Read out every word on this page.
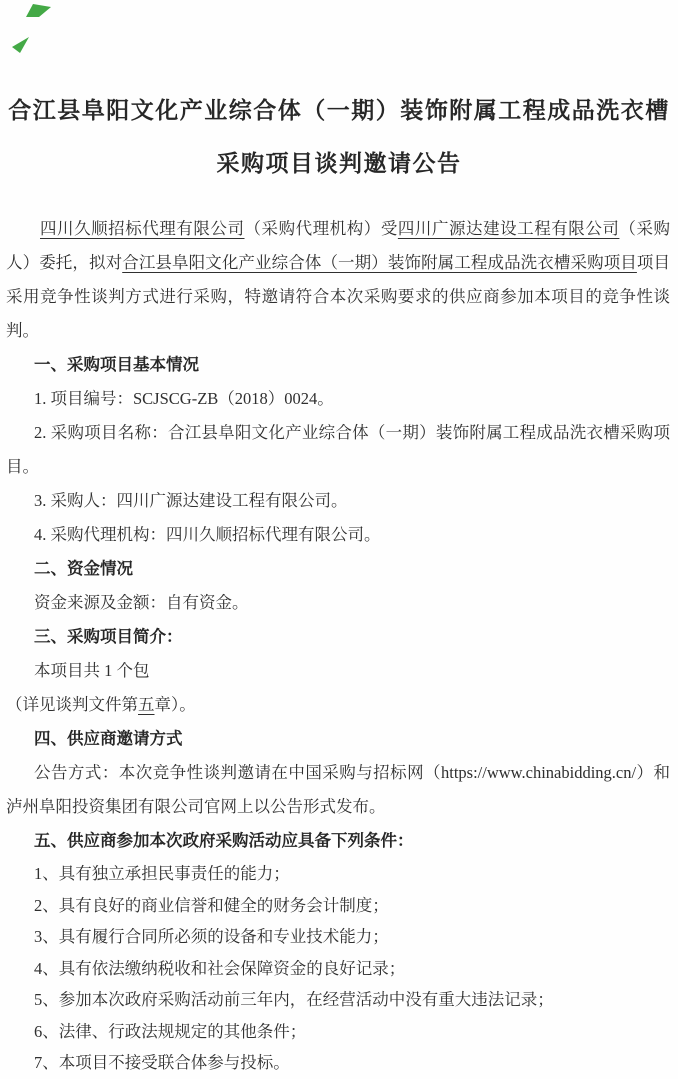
合江县阜阳文化产业综合体（一期）装饰附属工程成品洗衣槽
采购项目谈判邀请公告

四川久顺招标代理有限公司（采购代理机构）受四川广源达建设工程有限公司（采购人）委托，拟对合江县阜阳文化产业综合体（一期）装饰附属工程成品洗衣槽采购项目项目采用竞争性谈判方式进行采购，特邀请符合本次采购要求的供应商参加本项目的竞争性谈判。

一、采购项目基本情况

1. 项目编号：SCJSCG-ZB（2018）0024。

2. 采购项目名称：合江县阜阳文化产业综合体（一期）装饰附属工程成品洗衣槽采购项目。

3. 采购人：四川广源达建设工程有限公司。

4. 采购代理机构：四川久顺招标代理有限公司。

二、资金情况

资金来源及金额：自有资金。

三、采购项目简介：

本项目共 1 个包

（详见谈判文件第五章）。

四、供应商邀请方式

公告方式：本次竞争性谈判邀请在中国采购与招标网（https://www.chinabidding.cn/）和泸州阜阳投资集团有限公司官网上以公告形式发布。

五、供应商参加本次政府采购活动应具备下列条件：

1、具有独立承担民事责任的能力；

2、具有良好的商业信誉和健全的财务会计制度；

3、具有履行合同所必须的设备和专业技术能力；

4、具有依法缴纳税收和社会保障资金的良好记录；

5、参加本次政府采购活动前三年内，在经营活动中没有重大违法记录；

6、法律、行政法规规定的其他条件；

7、本项目不接受联合体参与投标。
